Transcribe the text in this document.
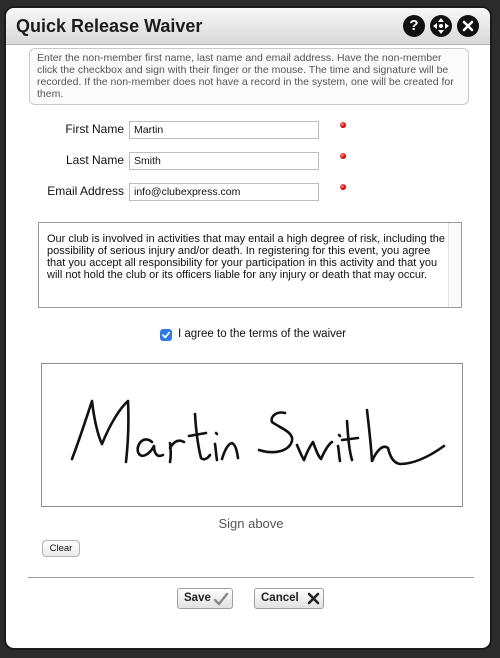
Quick Release Waiver	?
Enter the non-member first name, last name and email address. Have the non-member click the checkbox and sign with their finger or the mouse. The time and signature will be recorded. If the non-member does not have a record in the system, one will be created for them.
First Name
Martin
Last Name
Smith
Email Address
info@clubexpress.com
Our club is involved in activities that may entail a high degree of risk, including the possibility of serious injury and/or death. In registering for this event, you agree that you accept all responsibility for your participation in this activity and that you will not hold the club or its officers liable for any injury or death that may occur.
I agree to the terms of the waiver
Sign above
Clear
Save	Cancel
